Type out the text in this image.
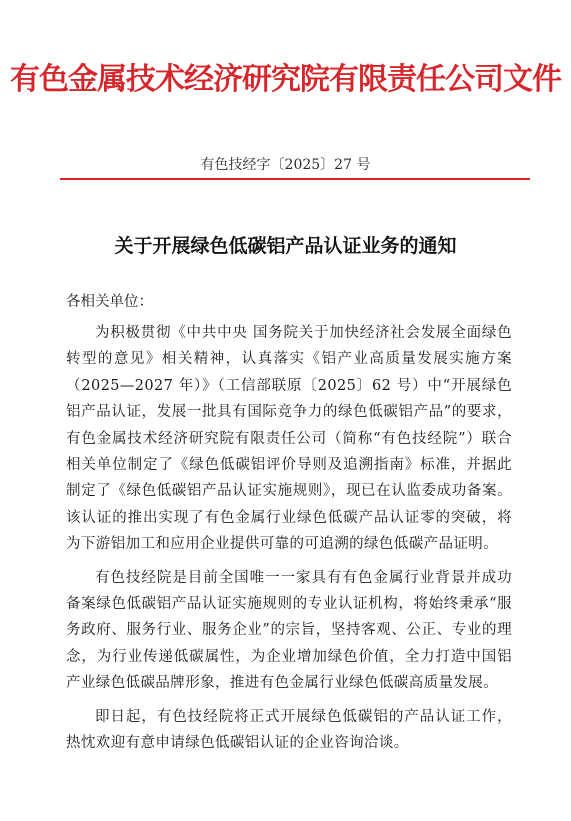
有色金属技术经济研究院有限责任公司文件
有色技经字〔2025〕27 号
关于开展绿色低碳铝产品认证业务的通知
各相关单位：

为积极贯彻《中共中央 国务院关于加快经济社会发展全面绿色转型的意见》相关精神，认真落实《铝产业高质量发展实施方案（2025—2027 年）》（工信部联原〔2025〕62 号）中“开展绿色铝产品认证，发展一批具有国际竞争力的绿色低碳铝产品”的要求，有色金属技术经济研究院有限责任公司（简称“有色技经院”）联合相关单位制定了《绿色低碳铝评价导则及追溯指南》标准，并据此制定了《绿色低碳铝产品认证实施规则》，现已在认监委成功备案。该认证的推出实现了有色金属行业绿色低碳产品认证零的突破，将为下游铝加工和应用企业提供可靠的可追溯的绿色低碳产品证明。

有色技经院是目前全国唯一一家具有有色金属行业背景并成功备案绿色低碳铝产品认证实施规则的专业认证机构，将始终秉承“服务政府、服务行业、服务企业”的宗旨，坚持客观、公正、专业的理念，为行业传递低碳属性，为企业增加绿色价值，全力打造中国铝产业绿色低碳品牌形象，推进有色金属行业绿色低碳高质量发展。

即日起，有色技经院将正式开展绿色低碳铝的产品认证工作，热忱欢迎有意申请绿色低碳铝认证的企业咨询洽谈。
